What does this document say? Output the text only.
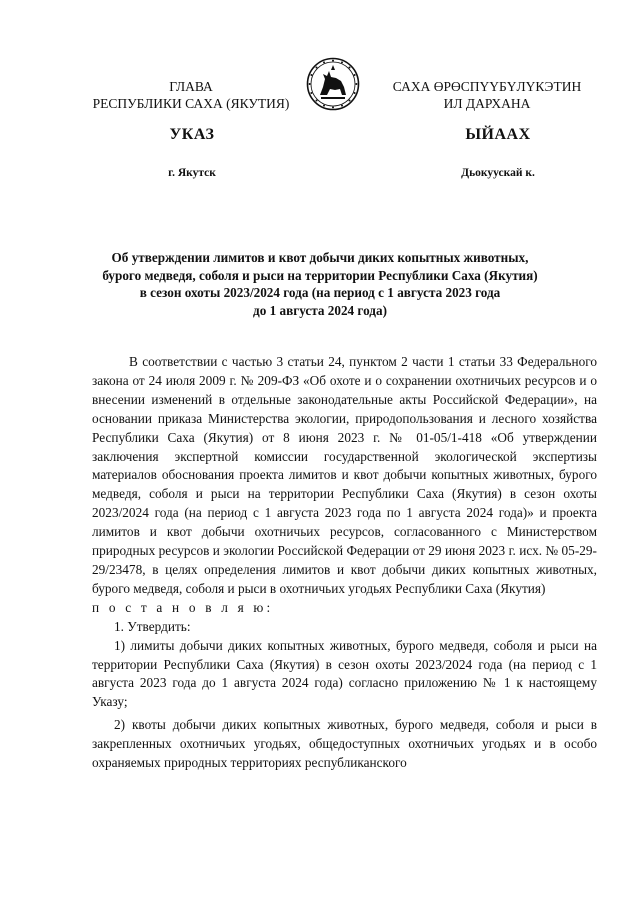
ГЛАВА
РЕСПУБЛИКИ САХА (ЯКУТИЯ)
САХА ӨРӨСПҮҮБҮЛҮКЭТИН
ИЛ ДАРХАНА
УКАЗ	ЫЙААХ
г. Якутск	Дьокуускай к.
Об утверждении лимитов и квот добычи диких копытных животных,
бурого медведя, соболя и рыси на территории Республики Саха (Якутия)
в сезон охоты 2023/2024 года (на период с 1 августа 2023 года
до 1 августа 2024 года)

В соответствии с частью 3 статьи 24, пунктом 2 части 1 статьи 33 Федерального закона от 24 июля 2009 г. № 209-ФЗ «Об охоте и о сохранении охотничьих ресурсов и о внесении изменений в отдельные законодательные акты Российской Федерации», на основании приказа Министерства экологии, природопользования и лесного хозяйства Республики Саха (Якутия) от 8 июня 2023 г. № 01-05/1-418 «Об утверждении заключения экспертной комиссии государственной экологической экспертизы материалов обоснования проекта лимитов и квот добычи копытных животных, бурого медведя, соболя и рыси на территории Республики Саха (Якутия) в сезон охоты 2023/2024 года (на период с 1 августа 2023 года по 1 августа 2024 года)» и проекта лимитов и квот добычи охотничьих ресурсов, согласованного с Министерством природных ресурсов и экологии Российской Федерации от 29 июня 2023 г. исх. № 05-29-29/23478, в целях определения лимитов и квот добычи диких копытных животных, бурого медведя, соболя и рыси в охотничьих угодьях Республики Саха (Якутия)

п о с т а н о в л я ю:

1. Утвердить:

1) лимиты добычи диких копытных животных, бурого медведя, соболя и рыси на территории Республики Саха (Якутия) в сезон охоты 2023/2024 года (на период с 1 августа 2023 года до 1 августа 2024 года) согласно приложению № 1 к настоящему Указу;

2) квоты добычи диких копытных животных, бурого медведя, соболя и рыси в закрепленных охотничьих угодьях, общедоступных охотничьих угодьях и в особо охраняемых природных территориях республиканского
